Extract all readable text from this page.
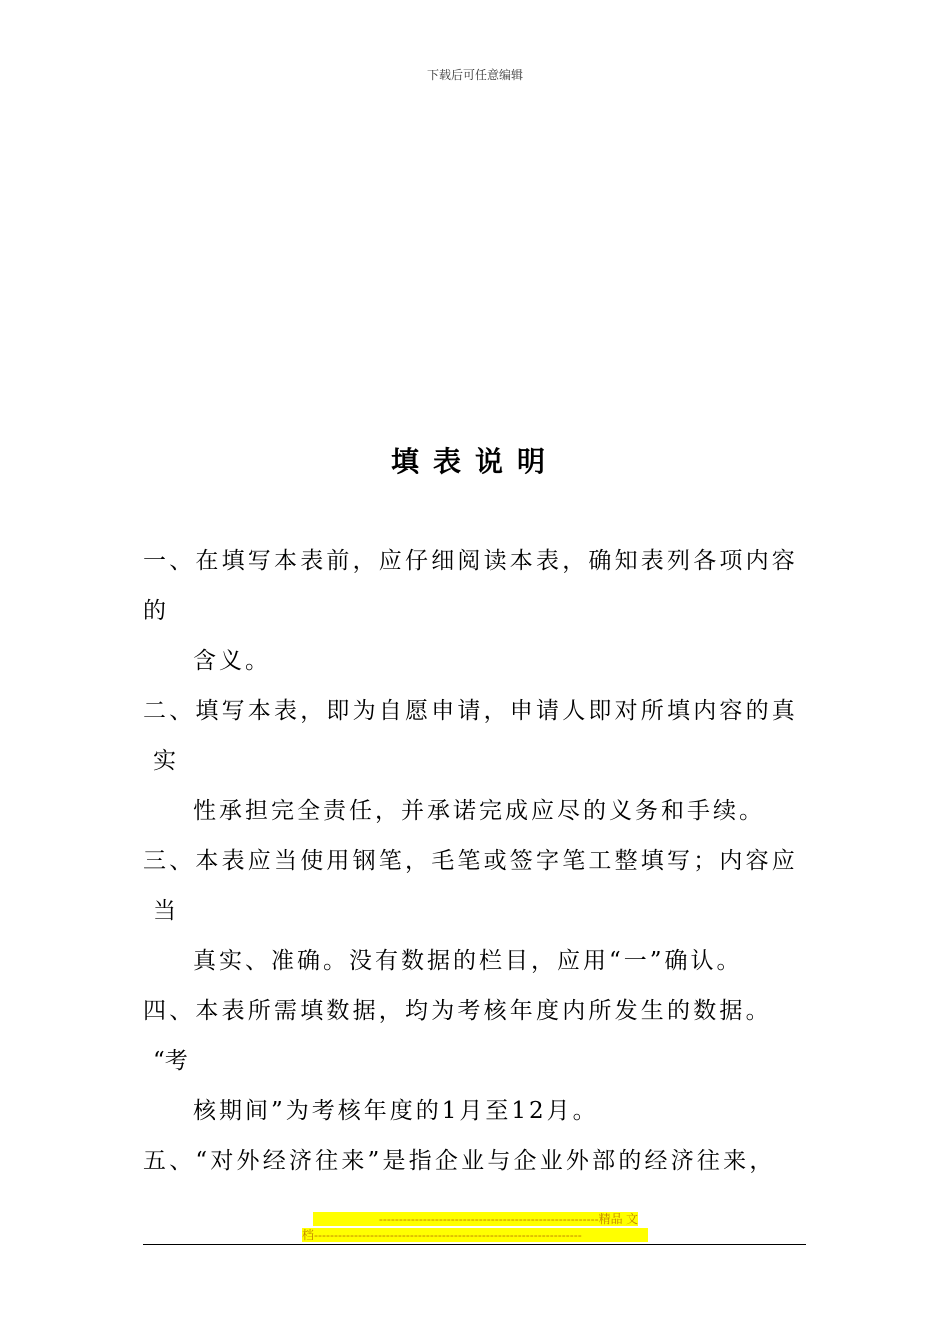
下载后可任意编辑
填表说明
一、在填写本表前，应仔细阅读本表，确知表列各项内容
的
含义。
二、填写本表，即为自愿申请，申请人即对所填内容的真
实
性承担完全责任，并承诺完成应尽的义务和手续。
三、本表应当使用钢笔，毛笔或签字笔工整填写；内容应
当
真实、准确。没有数据的栏目，应用“一”确认。
四、本表所需填数据，均为考核年度内所发生的数据。
“考
核期间”为考核年度的1月至12月。
五、“对外经济往来”是指企业与企业外部的经济往来，
-------------------------------------------------------精品 文
档-------------------------------------------------------------------
